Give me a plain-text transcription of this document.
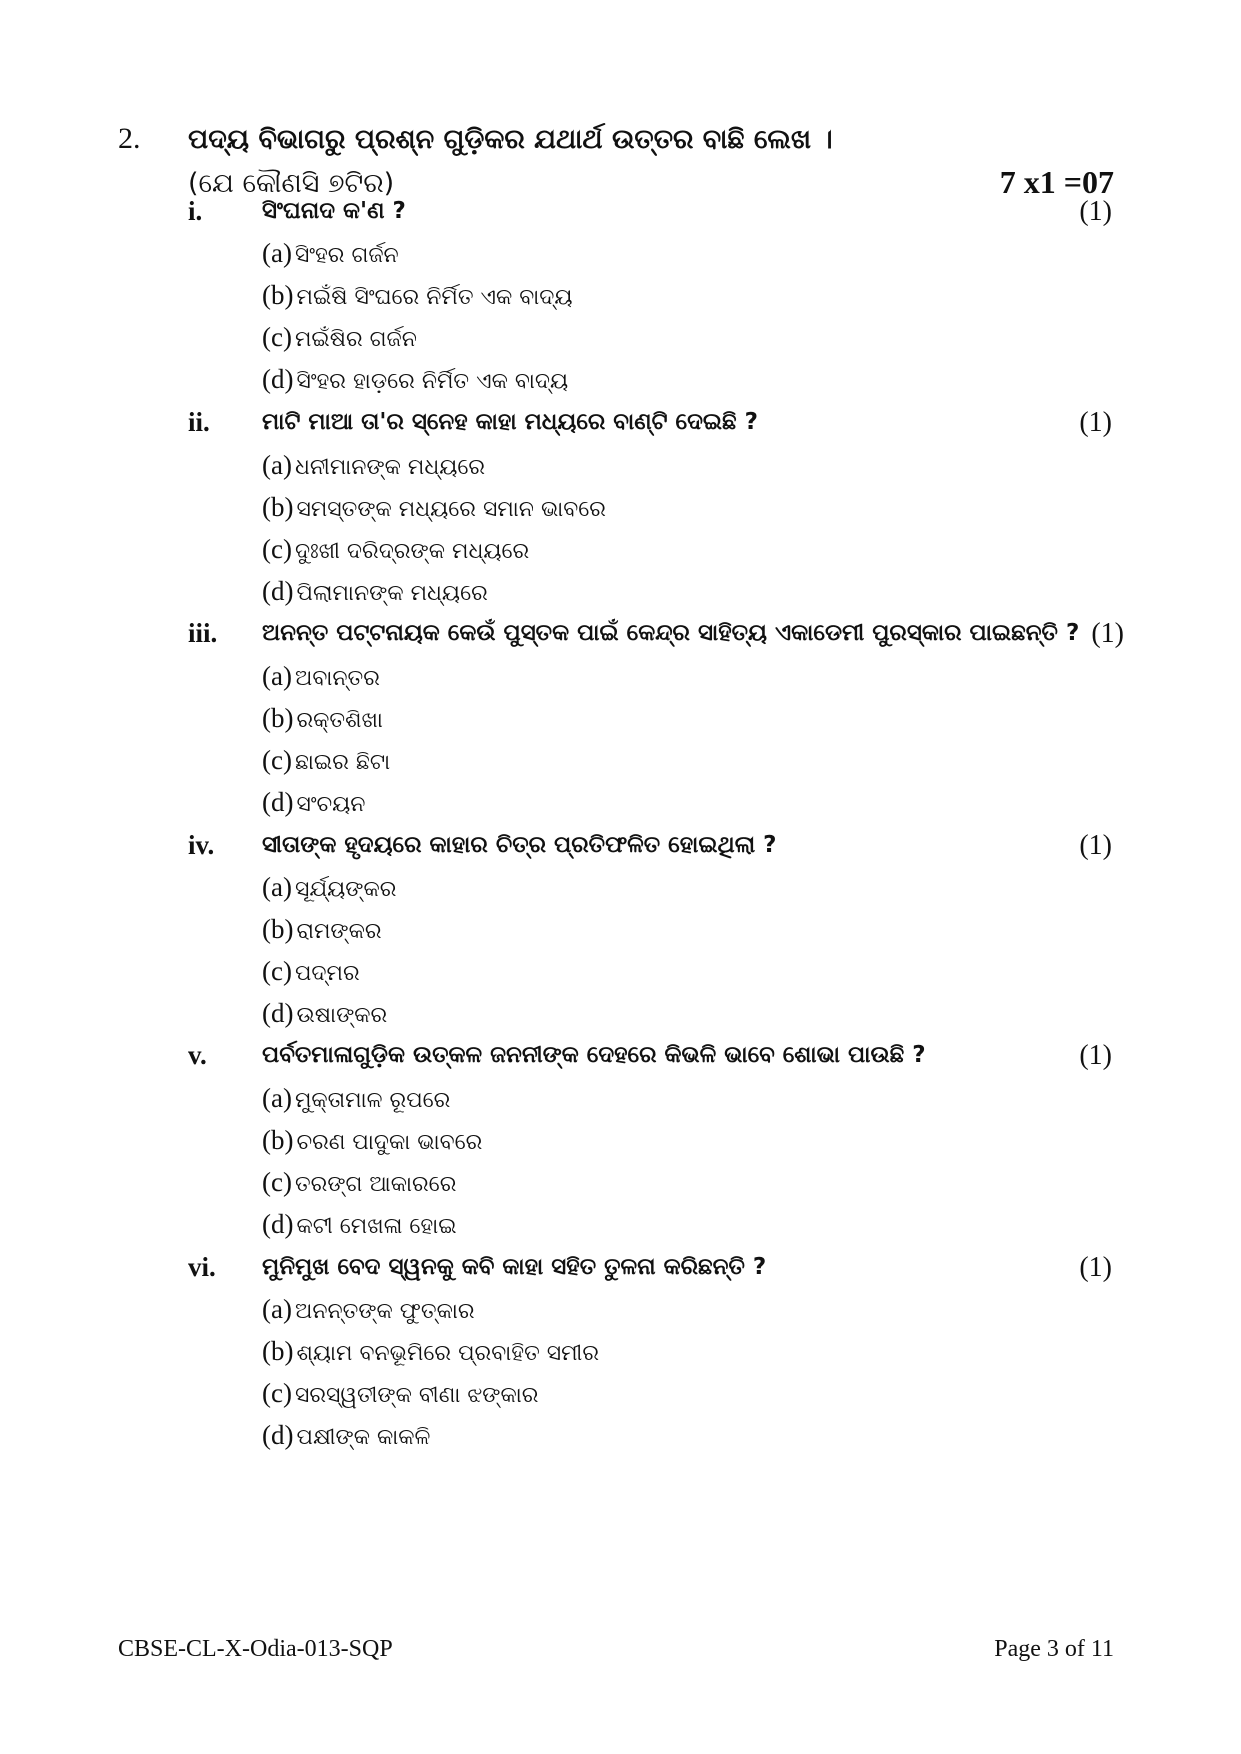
2. ପଦ୍ୟ ବିଭାଗରୁ ପ୍ରଶ୍ନ ଗୁଡ଼ିକର ଯଥାର୍ଥ ଉତ୍ତର ବାଛି ଲେଖ ।
(ଯେ କୌଣସି ୭ଟିର)	7 x1 =07
i.	ସିଂଘନାଦ କ'ଣ ?	(1)
(a) ସିଂହର ଗର୍ଜନ
(b) ମଇଁଷି ସିଂଘରେ ନିର୍ମିତ ଏକ ବାଦ୍ୟ
(c) ମଇଁଷିର ଗର୍ଜନ
(d) ସିଂହର ହାଡ଼ରେ ନିର୍ମିତ ଏକ ବାଦ୍ୟ
ii. ମାଟି ମାଆ ତା'ର ସ୍ନେହ କାହା ମଧ୍ୟରେ ବାଣ୍ଟି ଦେଇଛି ?	(1)
(a) ଧନୀମାନଙ୍କ ମଧ୍ୟରେ
(b) ସମସ୍ତଙ୍କ ମଧ୍ୟରେ ସମାନ ଭାବରେ
(c) ଦୁଃଖୀ ଦରିଦ୍ରଙ୍କ ମଧ୍ୟରେ
(d) ପିଲାମାନଙ୍କ ମଧ୍ୟରେ
iii. ଅନନ୍ତ ପଟ୍ଟନାୟକ କେଉଁ ପୁସ୍ତକ ପାଇଁ କେନ୍ଦ୍ର ସାହିତ୍ୟ ଏକାଡେମୀ ପୁରସ୍କାର ପାଇଛନ୍ତି ? (1)
(a) ଅବାନ୍ତର
(b) ରକ୍ତଶିଖା
(c) ଛାଇର ଛିଟା
(d) ସଂଚୟନ
iv. ସୀତାଙ୍କ ହୃଦୟରେ କାହାର ଚିତ୍ର ପ୍ରତିଫଳିତ ହୋଇଥିଲା ?	(1)
(a) ସୂର୍ଯ୍ୟଙ୍କର
(b) ରାମଙ୍କର
(c) ପଦ୍ମର
(d) ଉଷାଙ୍କର
v. ପର୍ବତମାଳାଗୁଡ଼ିକ ଉତ୍କଳ ଜନନୀଙ୍କ ଦେହରେ କିଭଳି ଭାବେ ଶୋଭା ପାଉଛି ?	(1)
(a) ମୁକ୍ତାମାଳ ରୂପରେ
(b) ଚରଣ ପାଦୁକା ଭାବରେ
(c) ତରଙ୍ଗ ଆକାରରେ
(d) କଟୀ ମେଖଳା ହୋଇ
vi. ମୁନିମୁଖ ବେଦ ସ୍ୱନକୁ କବି କାହା ସହିତ ତୁଳନା କରିଛନ୍ତି ?	(1)
(a) ଅନନ୍ତଙ୍କ ଫୁତ୍କାର
(b) ଶ୍ୟାମ ବନଭୂମିରେ ପ୍ରବାହିତ ସମୀର
(c) ସରସ୍ୱତୀଙ୍କ ବୀଣା ଝଙ୍କାର
(d) ପକ୍ଷୀଙ୍କ କାକଳି
CBSE-CL-X-Odia-013-SQP	Page 3 of 11
